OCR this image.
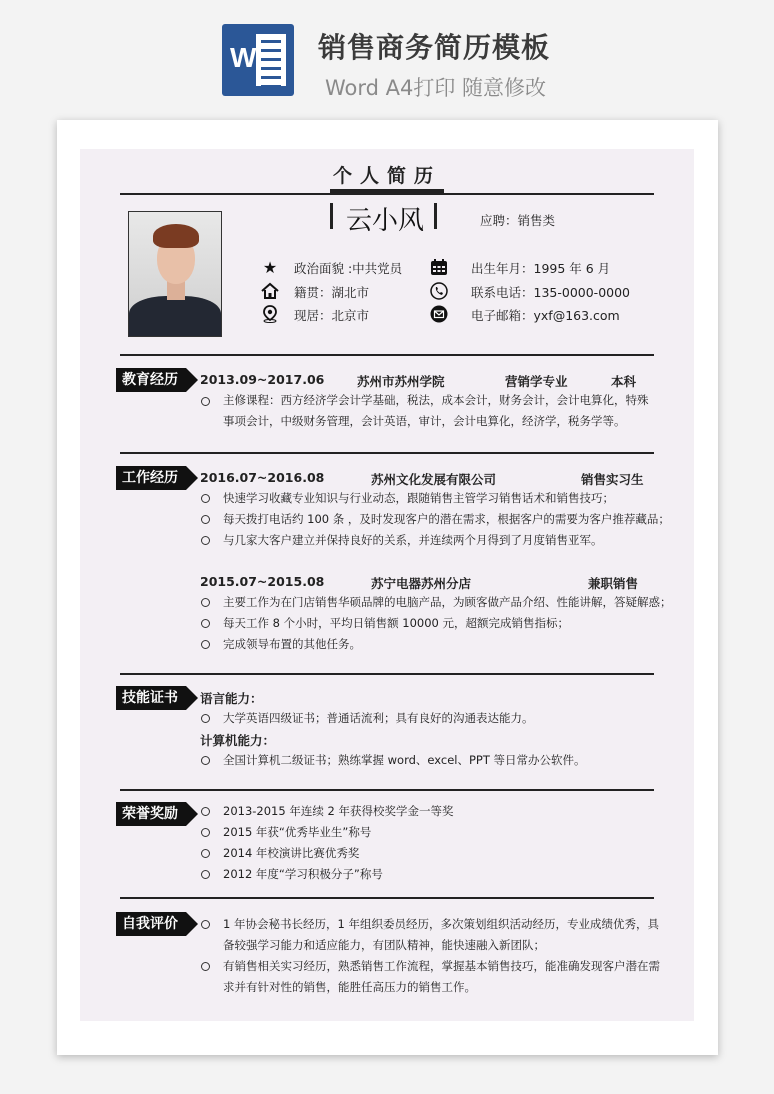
W 销售商务简历模板
Word A4打印 随意修改
个人简历
云小风	应聘：销售类
★ 政治面貌 :中共党员	出生年月：1995 年 6 月
籍贯：湖北市	联系电话：135-0000-0000
现居：北京市	电子邮箱：yxf@163.com
教育经历	2013.09~2017.06	苏州市苏州学院	营销学专业	本科
主修课程：西方经济学会计学基础，税法，成本会计，财务会计，会计电算化，特殊
事项会计，中级财务管理，会计英语，审计，会计电算化，经济学，税务学等。
工作经历	2016.07~2016.08	苏州文化发展有限公司	销售实习生
快速学习收藏专业知识与行业动态，跟随销售主管学习销售话术和销售技巧；
每天拨打电话约 100 条 ，及时发现客户的潜在需求，根据客户的需要为客户推荐藏品；
与几家大客户建立并保持良好的关系，并连续两个月得到了月度销售亚军。
2015.07~2015.08	苏宁电器苏州分店	兼职销售
主要工作为在门店销售华硕品牌的电脑产品，为顾客做产品介绍、性能讲解，答疑解惑；
每天工作 8 个小时，平均日销售额 10000 元，超额完成销售指标；
完成领导布置的其他任务。
技能证书	语言能力：
大学英语四级证书；普通话流利；具有良好的沟通表达能力。
计算机能力：
全国计算机二级证书；熟练掌握 word、excel、PPT 等日常办公软件。
荣誉奖励	2013-2015 年连续 2 年获得校奖学金一等奖
2015 年获“优秀毕业生”称号
2014 年校演讲比赛优秀奖
2012 年度“学习积极分子”称号
自我评价	1 年协会秘书长经历，1 年组织委员经历，多次策划组织活动经历，专业成绩优秀，具
备较强学习能力和适应能力，有团队精神，能快速融入新团队；
有销售相关实习经历，熟悉销售工作流程，掌握基本销售技巧，能准确发现客户潜在需
求并有针对性的销售，能胜任高压力的销售工作。
